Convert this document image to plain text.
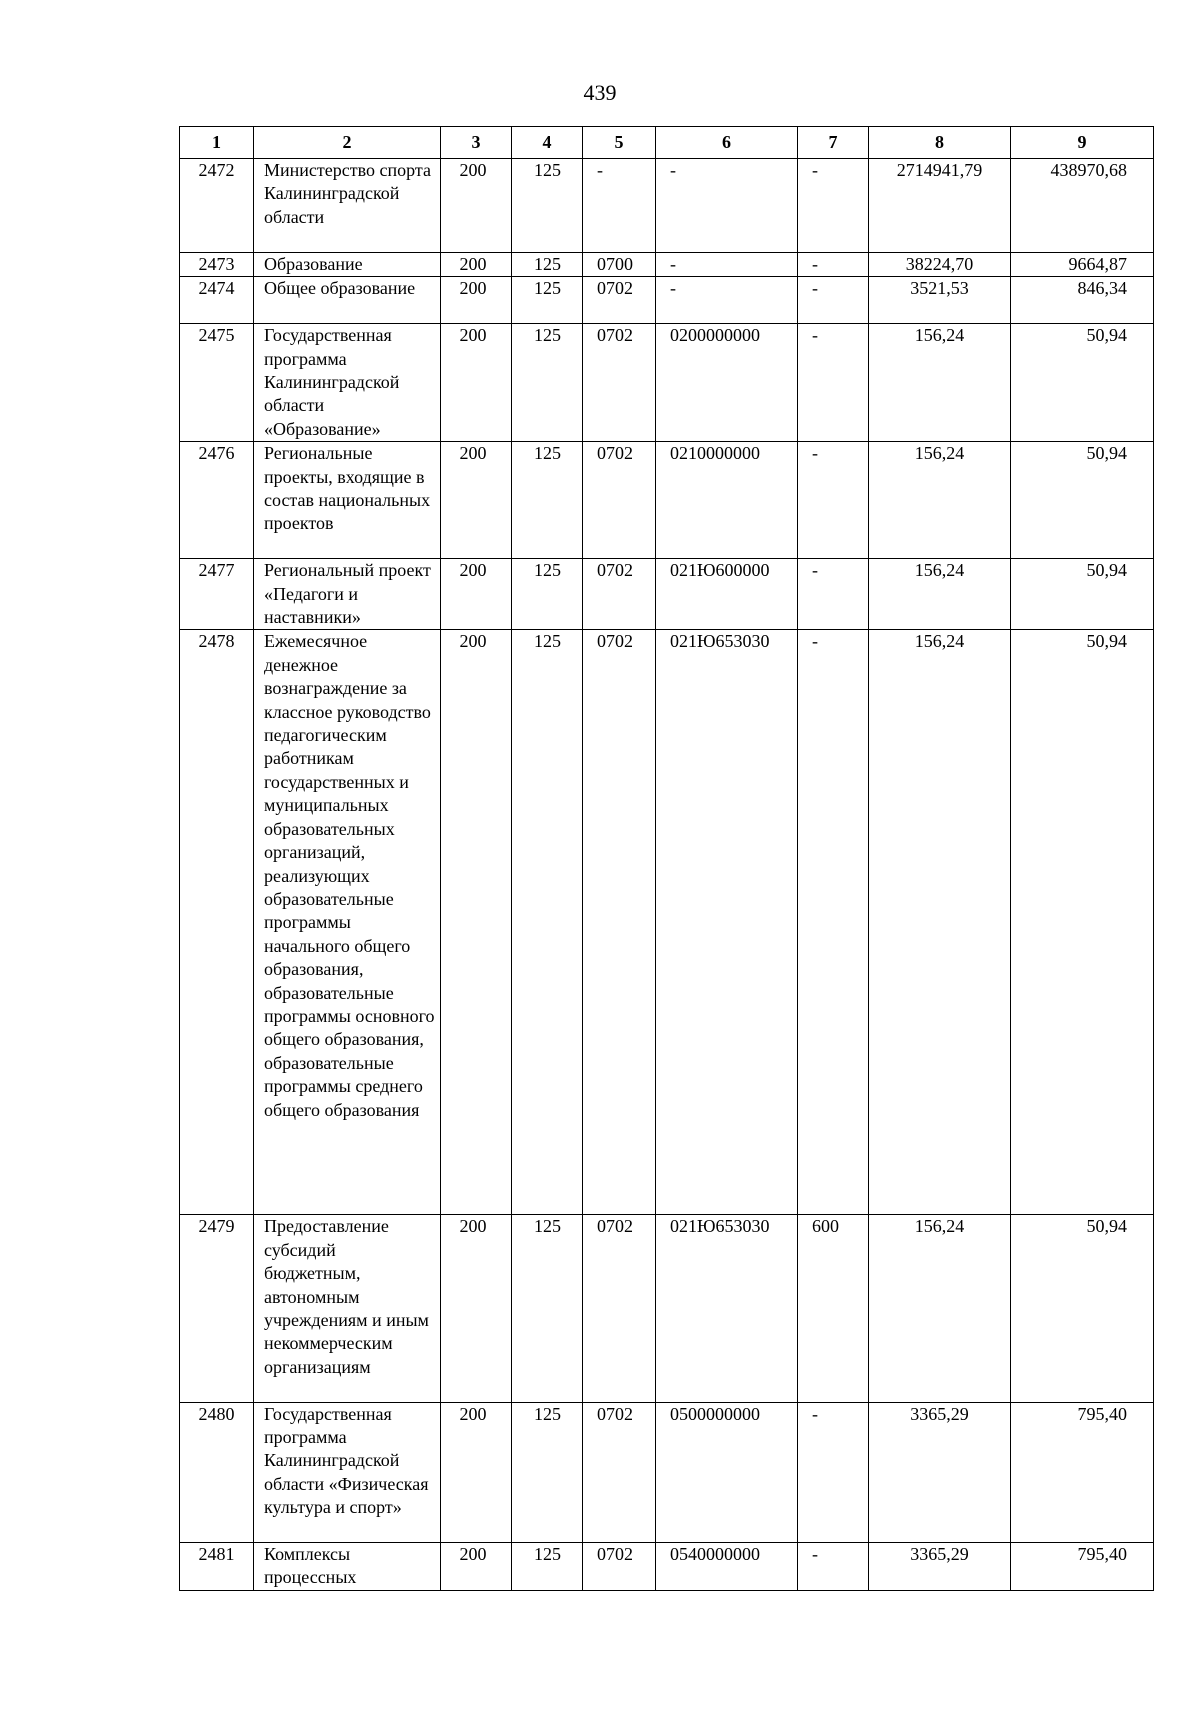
439
1	2	3	4	5	6	7	8	9
2472	Министерство спорта Калининградской области	200	125	-	-	-	2714941,79	438970,68
2473	Образование	200	125	0700	-	-	38224,70	9664,87
2474	Общее образование	200	125	0702	-	-	3521,53	846,34
2475	Государственная программа Калининградской области «Образование»	200	125	0702	0200000000	-	156,24	50,94
2476	Региональные проекты, входящие в состав национальных проектов	200	125	0702	0210000000	-	156,24	50,94
2477	Региональный проект «Педагоги и наставники»	200	125	0702	021Ю600000	-	156,24	50,94
2478	Ежемесячное денежное вознаграждение за классное руководство педагогическим работникам государственных и муниципальных образовательных организаций, реализующих образовательные программы начального общего образования, образовательные программы основного общего образования, образовательные программы среднего общего образования	200	125	0702	021Ю653030	-	156,24	50,94
2479	Предоставление субсидий бюджетным, автономным учреждениям и иным некоммерческим организациям	200	125	0702	021Ю653030	600	156,24	50,94
2480	Государственная программа Калининградской области «Физическая культура и спорт»	200	125	0702	0500000000	-	3365,29	795,40
2481	Комплексы процессных	200	125	0702	0540000000	-	3365,29	795,40
